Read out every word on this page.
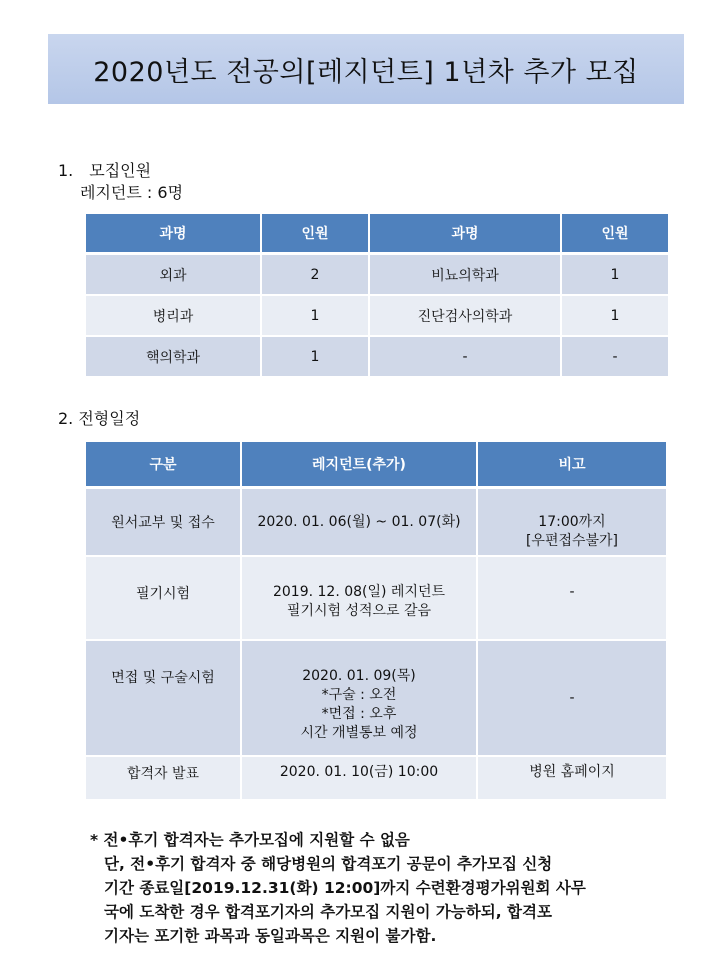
2020년도 전공의[레지던트] 1년차 추가 모집
1.　모집인원
레지던트 : 6명
과명	인원	과명	인원
외과	2	비뇨의학과	1
병리과	1	진단검사의학과	1
핵의학과	1	-	-
2. 전형일정
구분	레지던트(추가)	비고
원서교부 및 접수	2020. 01. 06(월) ~ 01. 07(화)	17:00까지
[우편접수불가]

필기시험	2019. 12. 08(일) 레지던트
필기시험 성적으로 갈음	-

면접 및 구술시험	2020. 01. 09(목)
*구술 : 오전
*면접 : 오후
시간 개별통보 예정	-

합격자 발표	2020. 01. 10(금) 10:00	병원 홈페이지
* 전•후기 합격자는 추가모집에 지원할 수 없음
단, 전•후기 합격자 중 해당병원의 합격포기 공문이 추가모집 신청
기간 종료일[2019.12.31(화) 12:00]까지 수련환경평가위원회 사무
국에 도착한 경우 합격포기자의 추가모집 지원이 가능하되, 합격포
기자는 포기한 과목과 동일과목은 지원이 불가함.
